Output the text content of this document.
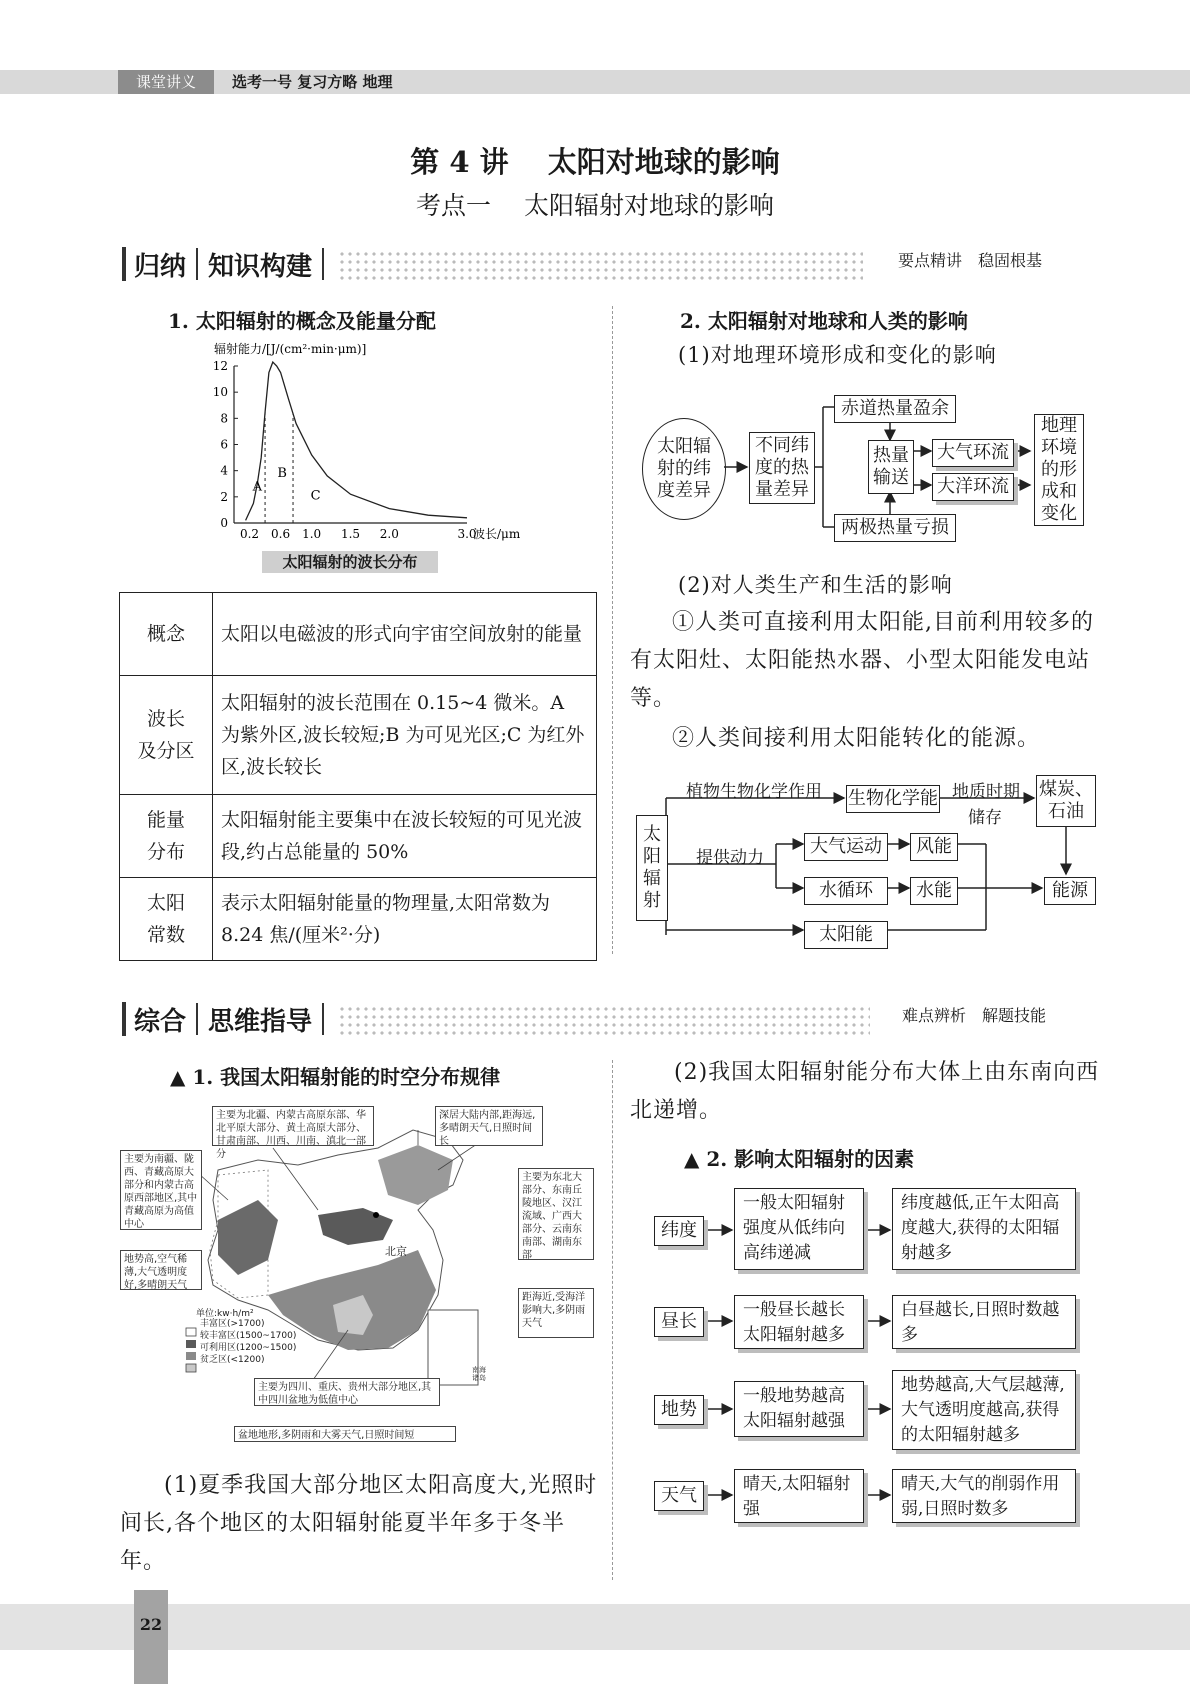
课堂讲义	选考一号 复习方略 地理
第 4 讲　 太阳对地球的影响
考点一　 太阳辐射对地球的影响
归纳 知识构建	要点精讲　稳固根基
1. 太阳辐射的概念及能量分配
辐射能力/[J/(cm²·min·μm)]
0
2
4
6
8
10
12
0.2 0.6 1.0 1.5 2.0	3.0
A
B
C
波长/μm
太阳辐射的波长分布
概念	太阳以电磁波的形式向宇宙空间放射的能量
波长
及分区	太阳辐射的波长范围在 0.15~4 微米。A 为紫外区,波长较短;B 为可见光区;C 为红外区,波长较长
能量
分布	太阳辐射能主要集中在波长较短的可见光波段,约占总能量的 50%
太阳
常数	表示太阳辐射能量的物理量,太阳常数为 8.24 焦/(厘米²·分)
2. 太阳辐射对地球和人类的影响
(1)对地理环境形成和变化的影响
太阳辐
射的纬
度差异
不同纬
度的热
量差异
赤道热量盈余
两极热量亏损
热量
输送
大气环流
大洋环流
地理
环境
的形
成和
变化
(2)对人类生产和生活的影响
①人类可直接利用太阳能,目前利用较多的有太阳灶、太阳能热水器、小型太阳能发电站等。
②人类间接利用太阳能转化的能源。
太
阳
辐
射
植物生物化学作用 生物化学能 地质时期
储存
煤炭、
石油
提供动力
大气运动	风能
水循环	水能	能源
太阳能
综合 思维指导	难点辨析　解题技能
▲ 1. 我国太阳辐射能的时空分布规律
主要为北疆、内蒙古高原东部、华北平原大部分、黄土高原大部分、甘肃南部、川西、川南、滇北一部分
深居大陆内部,距海远,多晴朗天气,日照时间长
主要为南疆、陇西、青藏高原大部分和内蒙古高原西部地区,其中青藏高原为高值中心
地势高,空气稀薄,大气透明度好,多晴朗天气
主要为东北大部分、东南丘陵地区、汉江流域、广西大部分、云南东南部、湖南东部
距海近,受海洋影响大,多阴雨天气
主要为四川、重庆、贵州大部分地区,其中四川盆地为低值中心
盆地地形,多阴雨和大雾天气,日照时间短
北京
单位:kw·h/m²
丰富区(>1700)
较丰富区(1500~1700)
可利用区(1200~1500)
贫乏区(<1200)
南海诸岛
(1)夏季我国大部分地区太阳高度大,光照时间长,各个地区的太阳辐射能夏半年多于冬半年。
(2)我国太阳辐射能分布大体上由东南向西北递增。
▲ 2. 影响太阳辐射的因素
纬度
一般太阳辐射强度从低纬向高纬递减
纬度越低,正午太阳高度越大,获得的太阳辐射越多
昼长
一般昼长越长太阳辐射越多
白昼越长,日照时数越多
地势
一般地势越高太阳辐射越强
地势越高,大气层越薄,大气透明度越高,获得的太阳辐射越多
天气
晴天,太阳辐射强
晴天,大气的削弱作用弱,日照时数多
22
